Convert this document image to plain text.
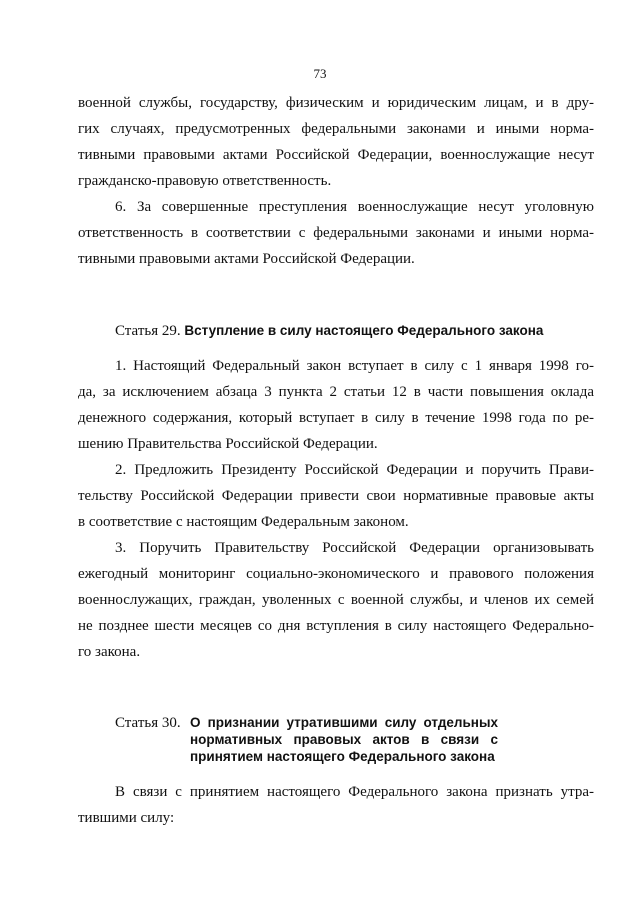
73
военной службы, государству, физическим и юридическим лицам, и в дру-
гих случаях, предусмотренных федеральными законами и иными норма-
тивными правовыми актами Российской Федерации, военнослужащие несут
гражданско-правовую ответственность.
6. За совершенные преступления военнослужащие несут уголовную
ответственность в соответствии с федеральными законами и иными норма-
тивными правовыми актами Российской Федерации.
Статья 29. Вступление в силу настоящего Федерального закона
1. Настоящий Федеральный закон вступает в силу с 1 января 1998 го-
да, за исключением абзаца 3 пункта 2 статьи 12 в части повышения оклада
денежного содержания, который вступает в силу в течение 1998 года по ре-
шению Правительства Российской Федерации.
2. Предложить Президенту Российской Федерации и поручить Прави-
тельству Российской Федерации привести свои нормативные правовые акты
в соответствие с настоящим Федеральным законом.
3. Поручить Правительству Российской Федерации организовывать
ежегодный мониторинг социально-экономического и правового положения
военнослужащих, граждан, уволенных с военной службы, и членов их семей
не позднее шести месяцев со дня вступления в силу настоящего Федерально-
го закона.
Статья 30. О признании утратившими силу отдельных
нормативных правовых актов в связи с
принятием настоящего Федерального закона
В связи с принятием настоящего Федерального закона признать утра-
тившими силу:
